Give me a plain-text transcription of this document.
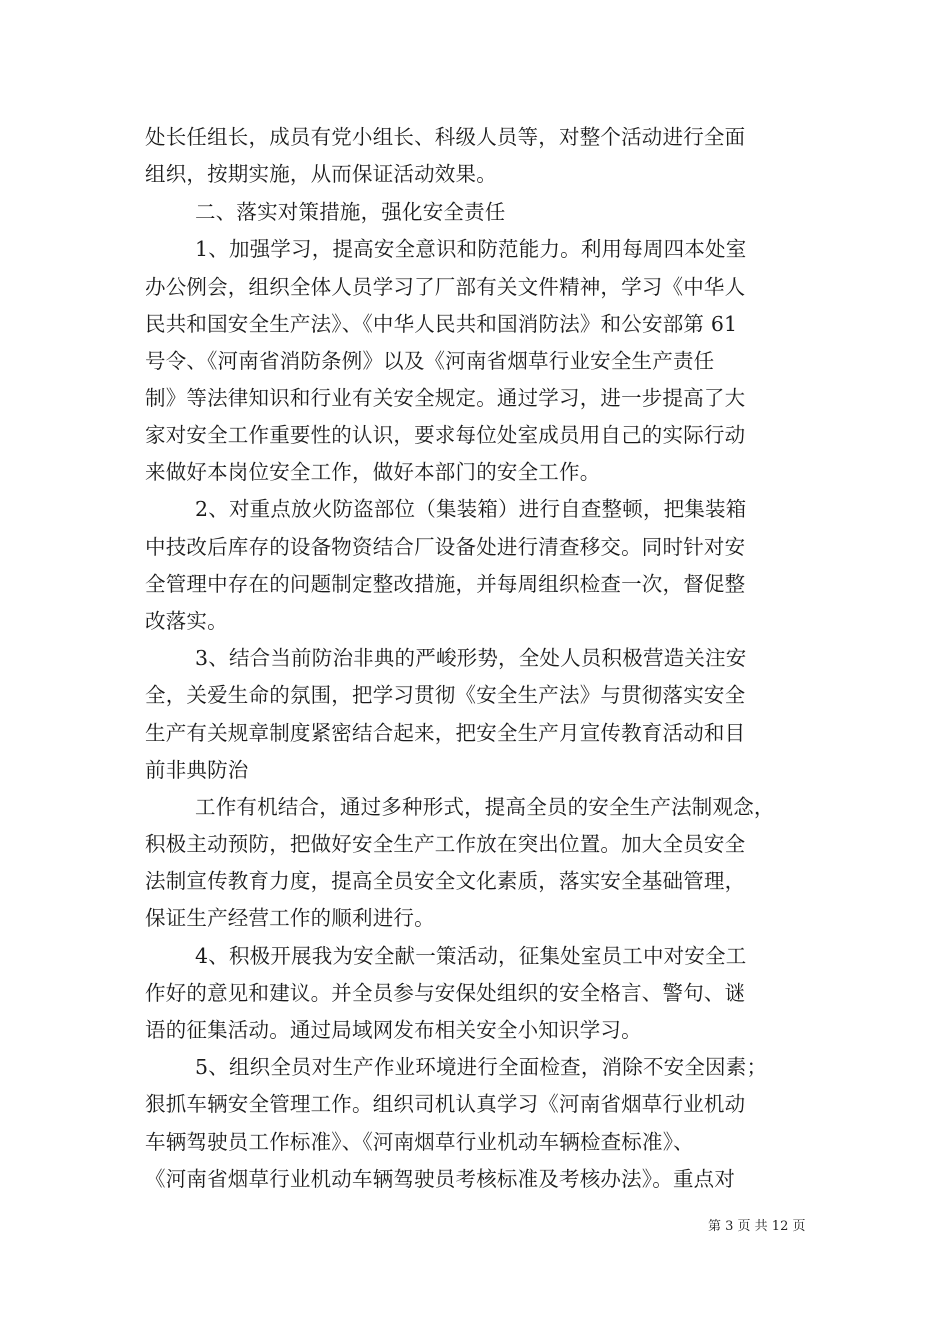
处长任组长，成员有党小组长、科级人员等，对整个活动进行全面
组织，按期实施，从而保证活动效果。
二、落实对策措施，强化安全责任
1、加强学习，提高安全意识和防范能力。利用每周四本处室
办公例会，组织全体人员学习了厂部有关文件精神，学习《中华人
民共和国安全生产法》、《中华人民共和国消防法》和公安部第 61
号令、《河南省消防条例》以及《河南省烟草行业安全生产责任
制》等法律知识和行业有关安全规定。通过学习，进一步提高了大
家对安全工作重要性的认识，要求每位处室成员用自己的实际行动
来做好本岗位安全工作，做好本部门的安全工作。
2、对重点放火防盗部位（集装箱）进行自查整顿，把集装箱
中技改后库存的设备物资结合厂设备处进行清查移交。同时针对安
全管理中存在的问题制定整改措施，并每周组织检查一次，督促整
改落实。
3、结合当前防治非典的严峻形势，全处人员积极营造关注安
全，关爱生命的氛围，把学习贯彻《安全生产法》与贯彻落实安全
生产有关规章制度紧密结合起来，把安全生产月宣传教育活动和目
前非典防治
工作有机结合，通过多种形式，提高全员的安全生产法制观念，
积极主动预防，把做好安全生产工作放在突出位置。加大全员安全
法制宣传教育力度，提高全员安全文化素质，落实安全基础管理，
保证生产经营工作的顺利进行。
4、积极开展我为安全献一策活动，征集处室员工中对安全工
作好的意见和建议。并全员参与安保处组织的安全格言、警句、谜
语的征集活动。通过局域网发布相关安全小知识学习。
5、组织全员对生产作业环境进行全面检查，消除不安全因素；
狠抓车辆安全管理工作。组织司机认真学习《河南省烟草行业机动
车辆驾驶员工作标准》、《河南烟草行业机动车辆检查标准》、
《河南省烟草行业机动车辆驾驶员考核标准及考核办法》。重点对
第 3 页 共 12 页
